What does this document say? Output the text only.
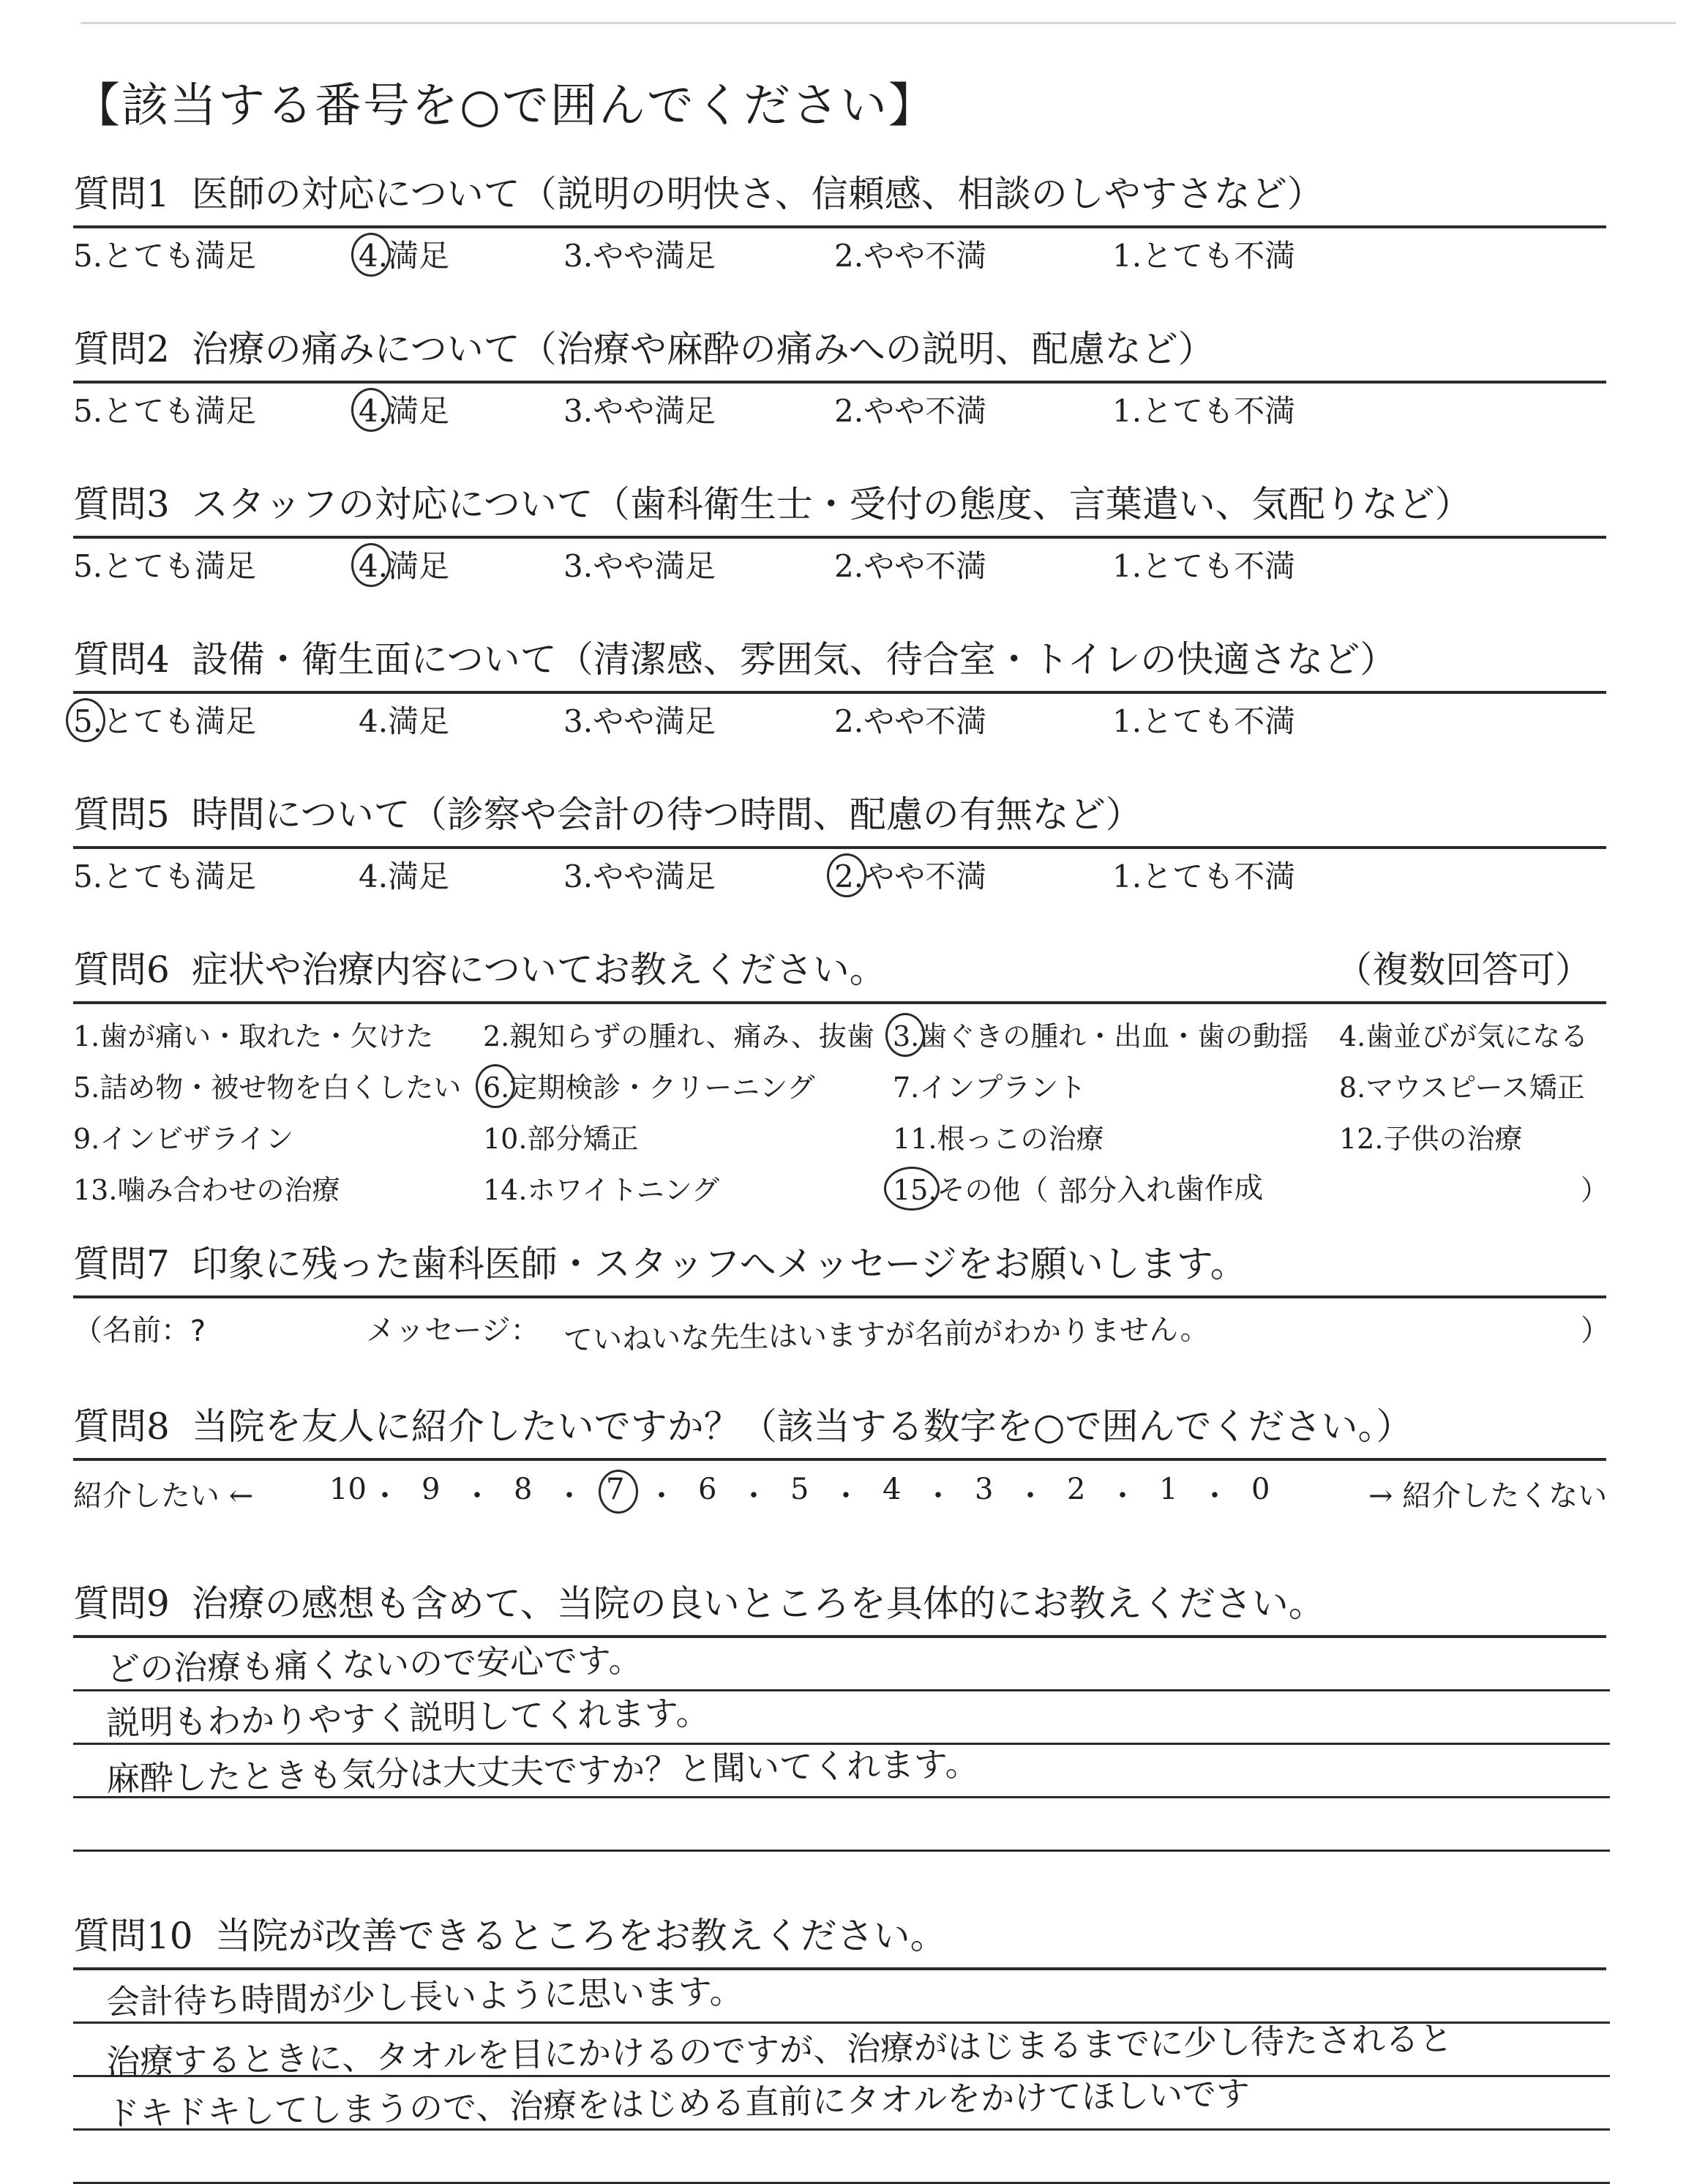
【該当する番号を○で囲んでください】
質問1 医師の対応について（説明の明快さ、信頼感、相談のしやすさなど）
5.とても満足	4.満足	3.やや満足	2.やや不満	1.とても不満
質問2 治療の痛みについて（治療や麻酔の痛みへの説明、配慮など）
5.とても満足	4.満足	3.やや満足	2.やや不満	1.とても不満
質問3 スタッフの対応について（歯科衛生士・受付の態度、言葉遣い、気配りなど）
5.とても満足	4.満足	3.やや満足	2.やや不満	1.とても不満
質問4 設備・衛生面について（清潔感、雰囲気、待合室・トイレの快適さなど）
5.とても満足	4.満足	3.やや満足	2.やや不満	1.とても不満
質問5 時間について（診察や会計の待つ時間、配慮の有無など）
5.とても満足	4.満足	3.やや満足	2.やや不満	1.とても不満
質問6 症状や治療内容についてお教えください。	（複数回答可）
1.歯が痛い・取れた・欠けた 2.親知らずの腫れ、痛み、抜歯 3.歯ぐきの腫れ・出血・歯の動揺 4.歯並びが気になる
5.詰め物・被せ物を白くしたい 6.定期検診・クリーニング	7.インプラント	8.マウスピース矯正
9.インビザライン	10.部分矯正	11.根っこの治療	12.子供の治療
13.噛み合わせの治療	14.ホワイトニング	15.その他（ 部分入れ歯作成	）
質問7 印象に残った歯科医師・スタッフへメッセージをお願いします。
（名前： ?	メッセージ： ていねいな先生はいますが名前がわかりません。	）
質問8 当院を友人に紹介したいですか？（該当する数字を○で囲んでください。）
紹介したい ←	→ 紹介したくない
10 ・ 9 ・ 8 ・ 7 ・ 6 ・ 5 ・ 4 ・ 3 ・ 2 ・ 1 ・ 0
質問9 治療の感想も含めて、当院の良いところを具体的にお教えください。
どの治療も痛くないので安心です。
説明もわかりやすく説明してくれます。
麻酔したときも気分は大丈夫ですか？と聞いてくれます。
質問10 当院が改善できるところをお教えください。
会計待ち時間が少し長いように思います。
治療するときに、タオルを目にかけるのですが、治療がはじまるまでに少し待たされると
ドキドキしてしまうので、治療をはじめる直前にタオルをかけてほしいです
